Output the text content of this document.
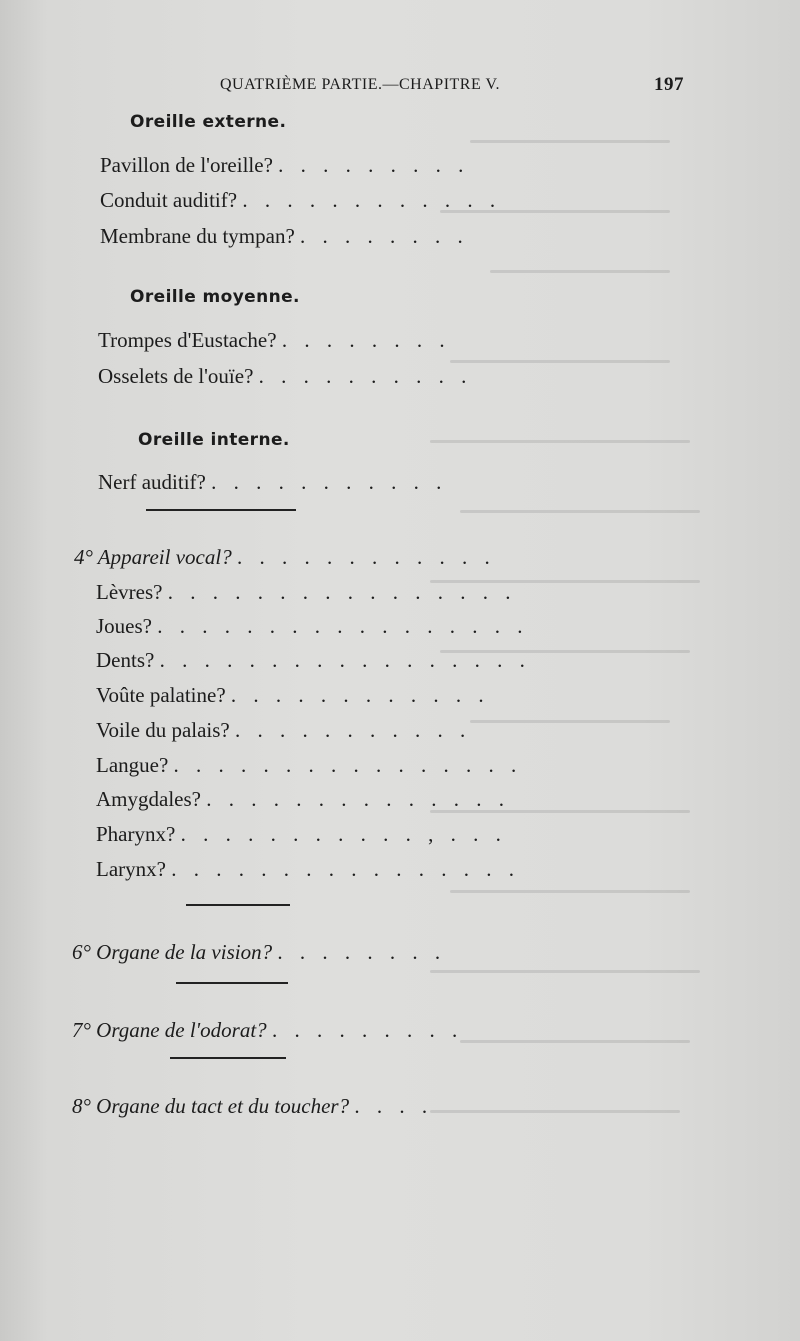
QUATRIÈME PARTIE.—CHAPITRE V.	197
Oreille externe.
Pavillon de l'oreille? . . . . . . . . .
Conduit auditif? . . . . . . . . . . . .
Membrane du tympan? . . . . . . . .
Oreille moyenne.
Trompes d'Eustache? . . . . . . . .
Osselets de l'ouïe? . . . . . . . . . .
Oreille interne.
Nerf auditif? . . . . . . . . . . .
4° Appareil vocal? . . . . . . . . . . . .
Lèvres? . . . . . . . . . . . . . . . .
Joues? . . . . . . . . . . . . . . . . .
Dents? . . . . . . . . . . . . . . . . .
Voûte palatine? . . . . . . . . . . . .
Voile du palais? . . . . . . . . . . .
Langue? . . . . . . . . . . . . . . . .
Amygdales? . . . . . . . . . . . . . .
Pharynx? . . . . . . . . . . . , . . .
Larynx? . . . . . . . . . . . . . . . .
6° Organe de la vision? . . . . . . . .
7° Organe de l'odorat? . . . . . . . . .
8° Organe du tact et du toucher? . . . .
